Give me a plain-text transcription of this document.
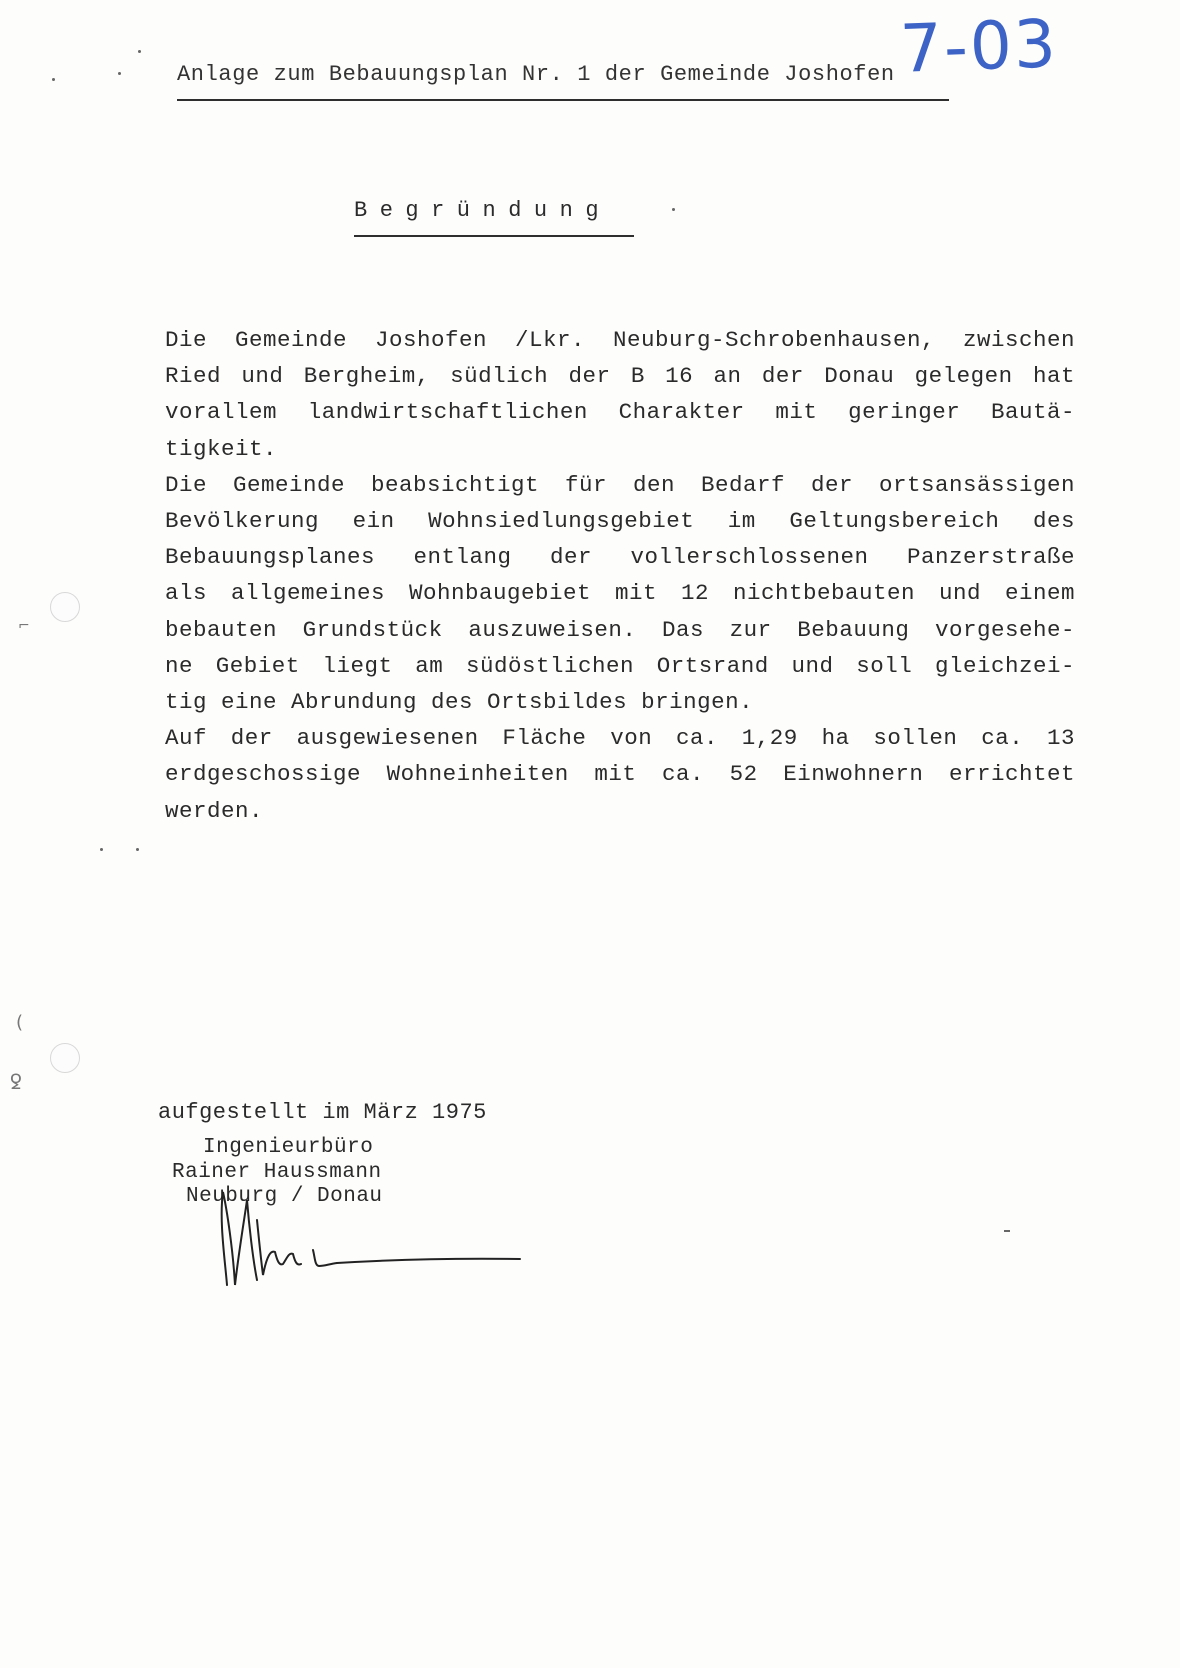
7-03
Anlage zum Bebauungsplan Nr. 1 der Gemeinde Joshofen
Begründung
Die Gemeinde Joshofen /Lkr. Neuburg-Schrobenhausen, zwischen
Ried und Bergheim, südlich der B 16 an der Donau gelegen hat
vorallem landwirtschaftlichen Charakter mit geringer Bautä-
tigkeit.
Die Gemeinde beabsichtigt für den Bedarf der ortsansässigen
Bevölkerung ein Wohnsiedlungsgebiet im Geltungsbereich des
Bebauungsplanes entlang der vollerschlossenen Panzerstraße
als allgemeines Wohnbaugebiet mit 12 nichtbebauten und einem
bebauten Grundstück auszuweisen. Das zur Bebauung vorgesehe-
ne Gebiet liegt am südöstlichen Ortsrand und soll gleichzei-
tig eine Abrundung des Ortsbildes bringen.
Auf der ausgewiesenen Fläche von ca. 1,29 ha sollen ca. 13
erdgeschossige Wohneinheiten mit ca. 52 Einwohnern errichtet
werden.
aufgestellt im März 1975
Ingenieurbüro
Rainer Haussmann
Neuburg / Donau
⌐
(
ꝿ
